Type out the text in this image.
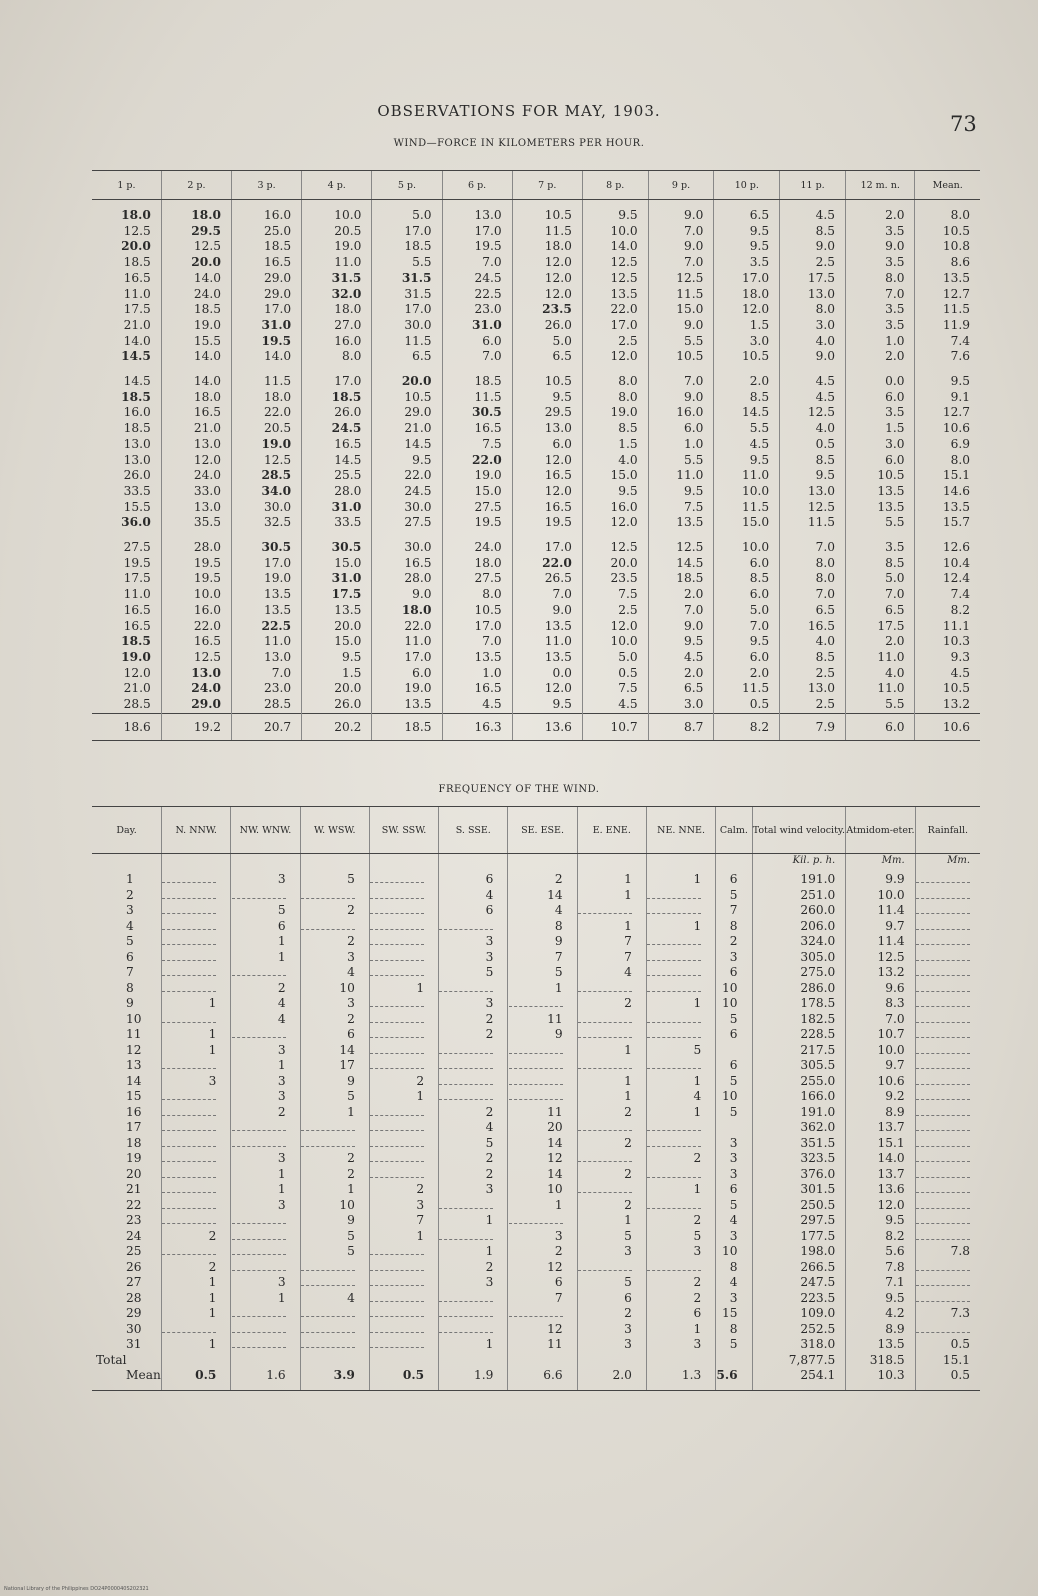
OBSERVATIONS FOR MAY, 1903.
73
WIND—FORCE IN KILOMETERS PER HOUR.
1 p.	2 p.	3 p.	4 p.	5 p.	6 p.	7 p.	8 p.	9 p.	10 p.	11 p.	12 m. n.	Mean.
18.0	18.0	16.0	10.0	5.0	13.0	10.5	9.5	9.0	6.5	4.5	2.0	8.0
12.5	29.5	25.0	20.5	17.0	17.0	11.5	10.0	7.0	9.5	8.5	3.5	10.5
20.0	12.5	18.5	19.0	18.5	19.5	18.0	14.0	9.0	9.5	9.0	9.0	10.8
18.5	20.0	16.5	11.0	5.5	7.0	12.0	12.5	7.0	3.5	2.5	3.5	8.6
16.5	14.0	29.0	31.5	31.5	24.5	12.0	12.5	12.5	17.0	17.5	8.0	13.5
11.0	24.0	29.0	32.0	31.5	22.5	12.0	13.5	11.5	18.0	13.0	7.0	12.7
17.5	18.5	17.0	18.0	17.0	23.0	23.5	22.0	15.0	12.0	8.0	3.5	11.5
21.0	19.0	31.0	27.0	30.0	31.0	26.0	17.0	9.0	1.5	3.0	3.5	11.9
14.0	15.5	19.5	16.0	11.5	6.0	5.0	2.5	5.5	3.0	4.0	1.0	7.4
14.5	14.0	14.0	8.0	6.5	7.0	6.5	12.0	10.5	10.5	9.0	2.0	7.6
14.5	14.0	11.5	17.0	20.0	18.5	10.5	8.0	7.0	2.0	4.5	0.0	9.5
18.5	18.0	18.0	18.5	10.5	11.5	9.5	8.0	9.0	8.5	4.5	6.0	9.1
16.0	16.5	22.0	26.0	29.0	30.5	29.5	19.0	16.0	14.5	12.5	3.5	12.7
18.5	21.0	20.5	24.5	21.0	16.5	13.0	8.5	6.0	5.5	4.0	1.5	10.6
13.0	13.0	19.0	16.5	14.5	7.5	6.0	1.5	1.0	4.5	0.5	3.0	6.9
13.0	12.0	12.5	14.5	9.5	22.0	12.0	4.0	5.5	9.5	8.5	6.0	8.0
26.0	24.0	28.5	25.5	22.0	19.0	16.5	15.0	11.0	11.0	9.5	10.5	15.1
33.5	33.0	34.0	28.0	24.5	15.0	12.0	9.5	9.5	10.0	13.0	13.5	14.6
15.5	13.0	30.0	31.0	30.0	27.5	16.5	16.0	7.5	11.5	12.5	13.5	13.5
36.0	35.5	32.5	33.5	27.5	19.5	19.5	12.0	13.5	15.0	11.5	5.5	15.7
27.5	28.0	30.5	30.5	30.0	24.0	17.0	12.5	12.5	10.0	7.0	3.5	12.6
19.5	19.5	17.0	15.0	16.5	18.0	22.0	20.0	14.5	6.0	8.0	8.5	10.4
17.5	19.5	19.0	31.0	28.0	27.5	26.5	23.5	18.5	8.5	8.0	5.0	12.4
11.0	10.0	13.5	17.5	9.0	8.0	7.0	7.5	2.0	6.0	7.0	7.0	7.4
16.5	16.0	13.5	13.5	18.0	10.5	9.0	2.5	7.0	5.0	6.5	6.5	8.2
16.5	22.0	22.5	20.0	22.0	17.0	13.5	12.0	9.0	7.0	16.5	17.5	11.1
18.5	16.5	11.0	15.0	11.0	7.0	11.0	10.0	9.5	9.5	4.0	2.0	10.3
19.0	12.5	13.0	9.5	17.0	13.5	13.5	5.0	4.5	6.0	8.5	11.0	9.3
12.0	13.0	7.0	1.5	6.0	1.0	0.0	0.5	2.0	2.0	2.5	4.0	4.5
21.0	24.0	23.0	20.0	19.0	16.5	12.0	7.5	6.5	11.5	13.0	11.0	10.5
28.5	29.0	28.5	26.0	13.5	4.5	9.5	4.5	3.0	0.5	2.5	5.5	13.2
18.6	19.2	20.7	20.2	18.5	16.3	13.6	10.7	8.7	8.2	7.9	6.0	10.6
FREQUENCY OF THE WIND.
Day.	N. NNW.	NW. WNW.	W. WSW.	SW. SSW.	S. SSE.	SE. ESE.	E. ENE.	NE. NNE.	Calm.	Total wind velocity.	Atmidom-eter.	Rainfall.
										Kil. p. h.	Mm.	Mm.
1		3	5		6	2	1	1	6	191.0	9.9	
2					4	14	1		5	251.0	10.0	
3		5	2		6	4			7	260.0	11.4	
4		6				8	1	1	8	206.0	9.7	
5		1	2		3	9	7		2	324.0	11.4	
6		1	3		3	7	7		3	305.0	12.5	
7			4		5	5	4		6	275.0	13.2	
8		2	10	1		1			10	286.0	9.6	
9	1	4	3		3		2	1	10	178.5	8.3	
10		4	2		2	11			5	182.5	7.0	
11	1		6		2	9			6	228.5	10.7	
12	1	3	14				1	5		217.5	10.0	
13		1	17						6	305.5	9.7	
14	3	3	9	2			1	1	5	255.0	10.6	
15		3	5	1			1	4	10	166.0	9.2	
16		2	1		2	11	2	1	5	191.0	8.9	
17					4	20				362.0	13.7	
18					5	14	2		3	351.5	15.1	
19		3	2		2	12		2	3	323.5	14.0	
20		1	2		2	14	2		3	376.0	13.7	
21		1	1	2	3	10		1	6	301.5	13.6	
22		3	10	3		1	2		5	250.5	12.0	
23			9	7	1		1	2	4	297.5	9.5	
24	2		5	1		3	5	5	3	177.5	8.2	
25			5		1	2	3	3	10	198.0	5.6	7.8
26	2				2	12			8	266.5	7.8	
27	1	3			3	6	5	2	4	247.5	7.1	
28	1	1	4			7	6	2	3	223.5	9.5	
29	1						2	6	15	109.0	4.2	7.3
30						12	3	1	8	252.5	8.9	
31	1				1	11	3	3	5	318.0	13.5	0.5
Total										7,877.5	318.5	15.1
Mean	0.5	1.6	3.9	0.5	1.9	6.6	2.0	1.3	5.6	254.1	10.3	0.5
National Library of the Philippines DO24P000040S202321
